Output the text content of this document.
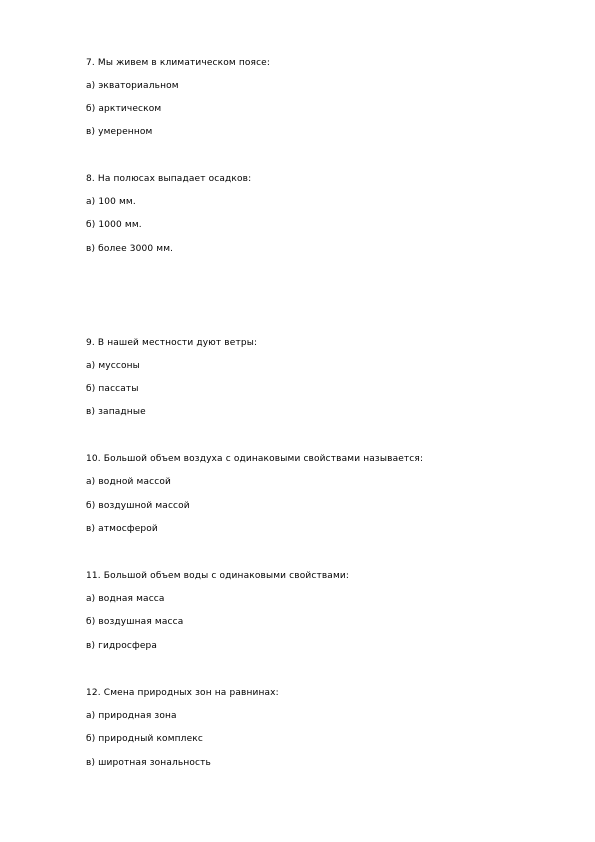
7. Мы живем в климатическом поясе:
а) экваториальном
б) арктическом
в) умеренном
8. На полюсах выпадает осадков:
а) 100 мм.
б) 1000 мм.
в) более 3000 мм.
9. В нашей местности дуют ветры:
а) муссоны
б) пассаты
в) западные
10. Большой объем воздуха с одинаковыми свойствами называется:
а) водной массой
б) воздушной массой
в) атмосферой
11. Большой объем воды с одинаковыми свойствами:
а) водная масса
б) воздушная масса
в) гидросфера
12. Смена природных зон на равнинах:
а) природная зона
б) природный комплекс
в) широтная зональность
